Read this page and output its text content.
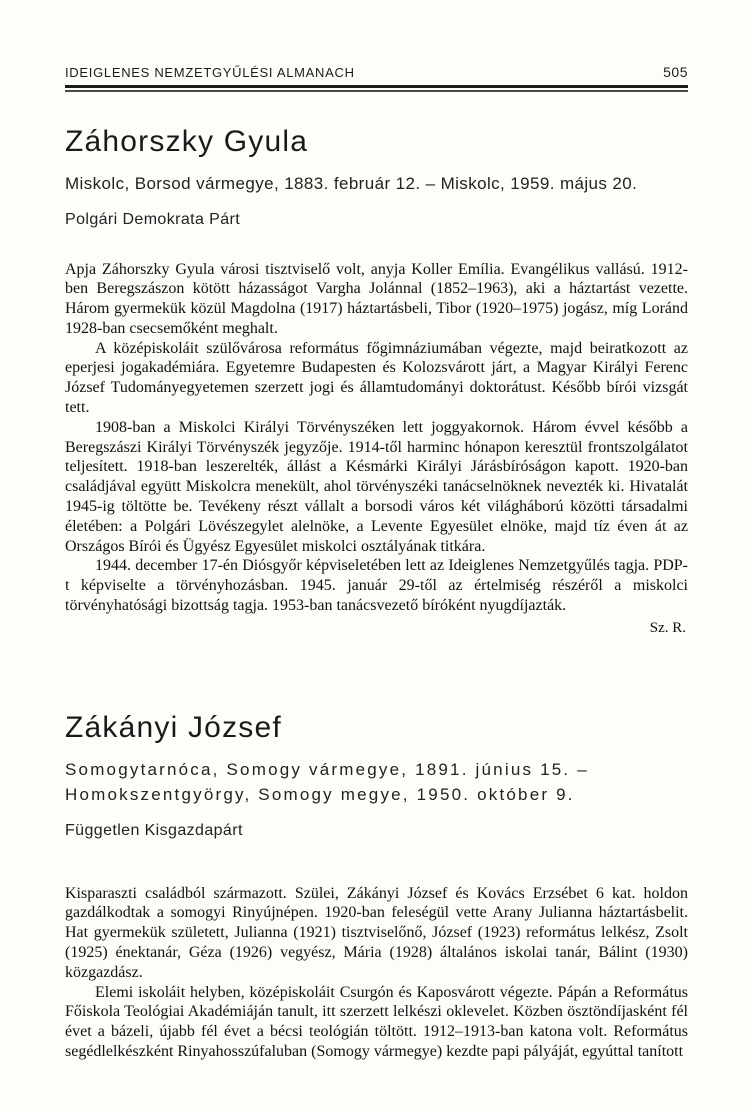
IDEIGLENES NEMZETGYŰLÉSI ALMANACH	505
Záhorszky Gyula

Miskolc, Borsod vármegye, 1883. február 12. – Miskolc, 1959. május 20.

Polgári Demokrata Párt

Apja Záhorszky Gyula városi tisztviselő volt, anyja Koller Emília. Evangélikus vallású. 1912-ben Beregszászon kötött házasságot Vargha Jolánnal (1852–1963), aki a háztartást vezette. Három gyermekük közül Magdolna (1917) háztartásbeli, Tibor (1920–1975) jogász, míg Loránd 1928-ban csecsemőként meghalt.

A középiskoláit szülővárosa református főgimnáziumában végezte, majd beiratkozott az eperjesi jogakadémiára. Egyetemre Budapesten és Kolozsvárott járt, a Magyar Királyi Ferenc József Tudományegyetemen szerzett jogi és államtudományi doktorátust. Később bírói vizsgát tett.

1908-ban a Miskolci Királyi Törvényszéken lett joggyakornok. Három évvel később a Beregszászi Királyi Törvényszék jegyzője. 1914-től harminc hónapon keresztül frontszolgálatot teljesített. 1918-ban leszerelték, állást a Késmárki Királyi Járásbíróságon kapott. 1920-ban családjával együtt Miskolcra menekült, ahol törvényszéki tanácselnöknek nevezték ki. Hivatalát 1945-ig töltötte be. Tevékeny részt vállalt a borsodi város két világháború közötti társadalmi életében: a Polgári Lövészegylet alelnöke, a Levente Egyesület elnöke, majd tíz éven át az Országos Bírói és Ügyész Egyesület miskolci osztályának titkára.

1944. december 17-én Diósgyőr képviseletében lett az Ideiglenes Nemzetgyűlés tagja. PDP-t képviselte a törvényhozásban. 1945. január 29-től az értelmiség részéről a miskolci törvényhatósági bizottság tagja. 1953-ban tanácsvezető bíróként nyugdíjazták.

Sz. R.

Zákányi József

Somogytarnóca, Somogy vármegye, 1891. június 15. – Homokszentgyörgy, Somogy megye, 1950. október 9.

Független Kisgazdapárt

Kisparaszti családból származott. Szülei, Zákányi József és Kovács Erzsébet 6 kat. holdon gazdálkodtak a somogyi Rinyújnépen. 1920-ban feleségül vette Arany Julianna háztartásbelit. Hat gyermekük született, Julianna (1921) tisztviselőnő, József (1923) református lelkész, Zsolt (1925) énektanár, Géza (1926) vegyész, Mária (1928) általános iskolai tanár, Bálint (1930) közgazdász.

Elemi iskoláit helyben, középiskoláit Csurgón és Kaposvárott végezte. Pápán a Református Főiskola Teológiai Akadémiáján tanult, itt szerzett lelkészi oklevelet. Közben ösztöndíjasként fél évet a bázeli, újabb fél évet a bécsi teológián töltött. 1912–1913-ban katona volt. Református segédlelkészként Rinyahosszúfaluban (Somogy vármegye) kezdte papi pályáját, egyúttal tanított
